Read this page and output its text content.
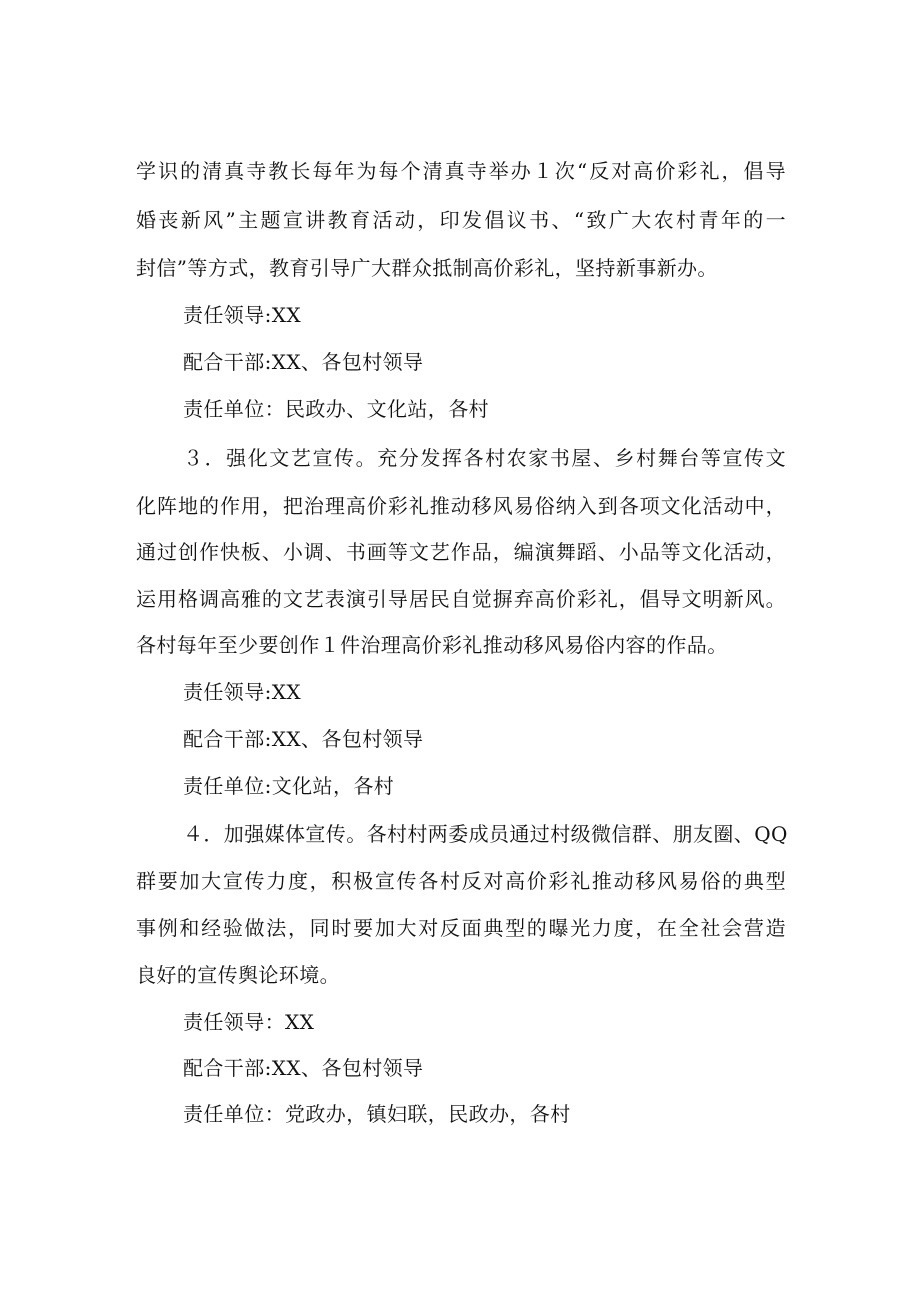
学识的清真寺教长每年为每个清真寺举办１次“反对高价彩礼，倡导
婚丧新风”主题宣讲教育活动，印发倡议书、“致广大农村青年的一
封信”等方式，教育引导广大群众抵制高价彩礼，坚持新事新办。
责任领导:XX
配合干部:XX、各包村领导
责任单位：民政办、文化站，各村
３．强化文艺宣传。充分发挥各村农家书屋、乡村舞台等宣传文
化阵地的作用，把治理高价彩礼推动移风易俗纳入到各项文化活动中，
通过创作快板、小调、书画等文艺作品，编演舞蹈、小品等文化活动，
运用格调高雅的文艺表演引导居民自觉摒弃高价彩礼，倡导文明新风。
各村每年至少要创作１件治理高价彩礼推动移风易俗内容的作品。
责任领导:XX
配合干部:XX、各包村领导
责任单位:文化站，各村
４．加强媒体宣传。各村村两委成员通过村级微信群、朋友圈、QQ
群要加大宣传力度，积极宣传各村反对高价彩礼推动移风易俗的典型
事例和经验做法，同时要加大对反面典型的曝光力度，在全社会营造
良好的宣传舆论环境。
责任领导：XX
配合干部:XX、各包村领导
责任单位：党政办，镇妇联，民政办，各村
